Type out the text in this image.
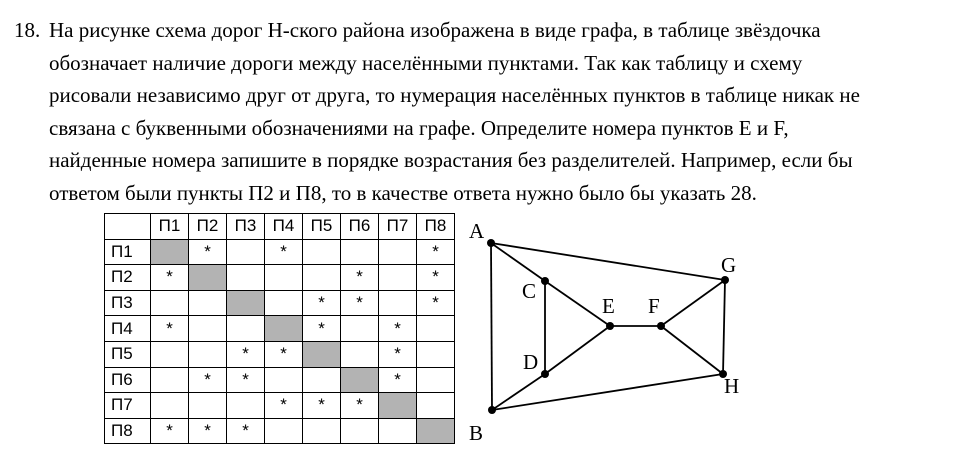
18. На рисунке схема дорог Н-ского района изображена в виде графа, в таблице звёздочка
обозначает наличие дороги между населёнными пунктами. Так как таблицу и схему
рисовали независимо друг от друга, то нумерация населённых пунктов в таблице никак не
связана с буквенными обозначениями на графе. Определите номера пунктов E и F,
найденные номера запишите в порядке возрастания без разделителей. Например, если бы
ответом были пункты П2 и П8, то в качестве ответа нужно было бы указать 28.
	П1	П2	П3	П4	П5	П6	П7	П8
П1		*		*				*
П2	*					*		*
П3					*	*		*
П4	*				*		*	
П5			*	*			*	
П6		*	*				*	
П7				*	*	*		
П8	*	*	*					
A
B
C
D
E F
G
H
